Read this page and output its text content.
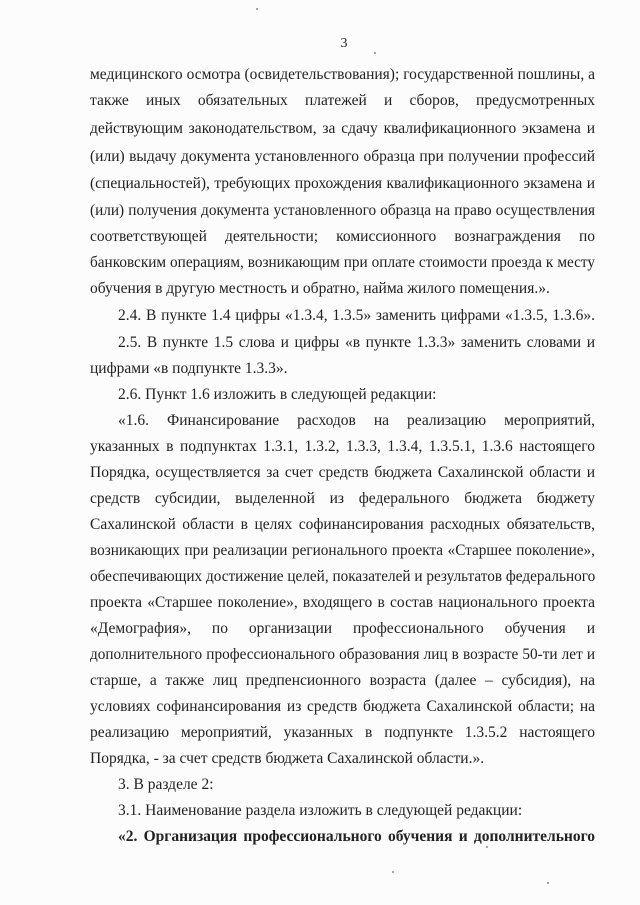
3
медицинского осмотра (освидетельствования); государственной пошлины, а
также иных обязательных платежей и сборов, предусмотренных
действующим законодательством, за сдачу квалификационного экзамена и
(или) выдачу документа установленного образца при получении профессий
(специальностей), требующих прохождения квалификационного экзамена и
(или) получения документа установленного образца на право осуществления
соответствующей деятельности; комиссионного вознаграждения по
банковским операциям, возникающим при оплате стоимости проезда к месту
обучения в другую местность и обратно, найма жилого помещения.».
2.4. В пункте 1.4 цифры «1.3.4, 1.3.5» заменить цифрами «1.3.5, 1.3.6».
2.5. В пункте 1.5 слова и цифры «в пункте 1.3.3» заменить словами и
цифрами «в подпункте 1.3.3».
2.6. Пункт 1.6 изложить в следующей редакции:
«1.6. Финансирование расходов на реализацию мероприятий,
указанных в подпунктах 1.3.1, 1.3.2, 1.3.3, 1.3.4, 1.3.5.1, 1.3.6 настоящего
Порядка, осуществляется за счет средств бюджета Сахалинской области и
средств субсидии, выделенной из федерального бюджета бюджету
Сахалинской области в целях софинансирования расходных обязательств,
возникающих при реализации регионального проекта «Старшее поколение»,
обеспечивающих достижение целей, показателей и результатов федерального
проекта «Старшее поколение», входящего в состав национального проекта
«Демография», по организации профессионального обучения и
дополнительного профессионального образования лиц в возрасте 50-ти лет и
старше, а также лиц предпенсионного возраста (далее – субсидия), на
условиях софинансирования из средств бюджета Сахалинской области; на
реализацию мероприятий, указанных в подпункте 1.3.5.2 настоящего
Порядка, - за счет средств бюджета Сахалинской области.».
3. В разделе 2:
3.1. Наименование раздела изложить в следующей редакции:
«2. Организация профессионального обучения и дополнительного
